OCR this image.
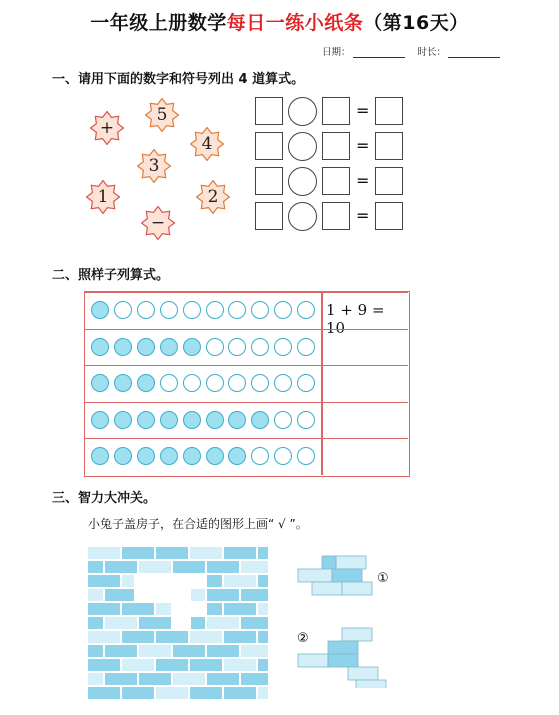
一年级上册数学每日一练小纸条（第16天）
日期：	时长：
一、请用下面的数字和符号列出 4 道算式。
+
5
4
3
1	2
−
=
=
=
=
二、照样子列算式。
1 + 9 = 10
三、智力大冲关。
小兔子盖房子，在合适的图形上画“ √ ”。
①
②
